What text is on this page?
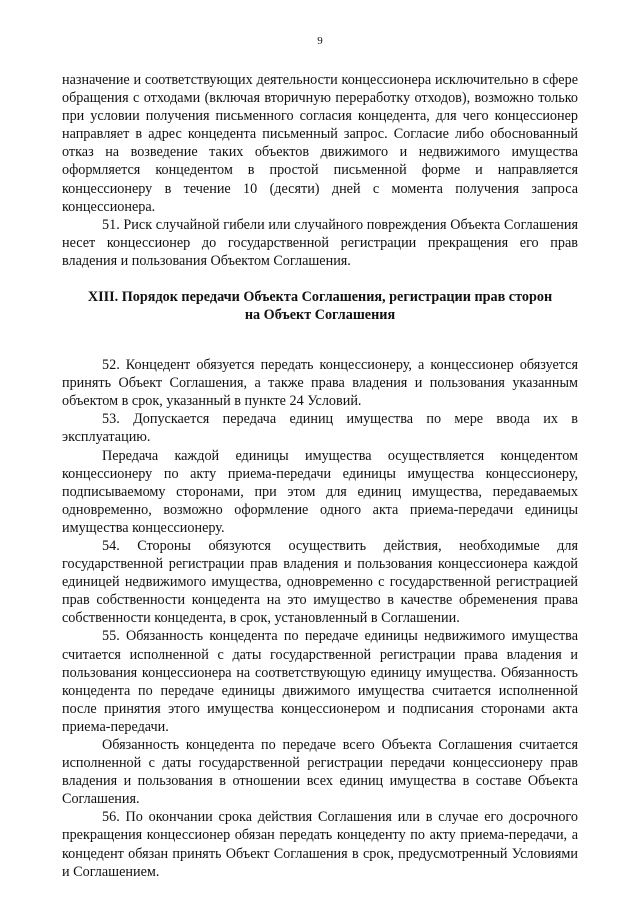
9

назначение и соответствующих деятельности концессионера исключительно в сфере обращения с отходами (включая вторичную переработку отходов), возможно только при условии получения письменного согласия концедента, для чего концессионер направляет в адрес концедента письменный запрос. Согласие либо обоснованный отказ на возведение таких объектов движимого и недвижимого имущества оформляется концедентом в простой письменной форме и направляется концессионеру в течение 10 (десяти) дней с момента получения запроса концессионера.

51. Риск случайной гибели или случайного повреждения Объекта Соглашения несет концессионер до государственной регистрации прекращения его прав владения и пользования Объектом Соглашения.

XIII. Порядок передачи Объекта Соглашения, регистрации прав сторон
на Объект Соглашения

52. Концедент обязуется передать концессионеру, а концессионер обязуется принять Объект Соглашения, а также права владения и пользования указанным объектом в срок, указанный в пункте 24 Условий.

53. Допускается передача единиц имущества по мере ввода их в эксплуатацию.

Передача каждой единицы имущества осуществляется концедентом концессионеру по акту приема-передачи единицы имущества концессионеру, подписываемому сторонами, при этом для единиц имущества, передаваемых одновременно, возможно оформление одного акта приема-передачи единицы имущества концессионеру.

54. Стороны обязуются осуществить действия, необходимые для государственной регистрации прав владения и пользования концессионера каждой единицей недвижимого имущества, одновременно с государственной регистрацией прав собственности концедента на это имущество в качестве обременения права собственности концедента, в срок, установленный в Соглашении.

55. Обязанность концедента по передаче единицы недвижимого имущества считается исполненной с даты государственной регистрации права владения и пользования концессионера на соответствующую единицу имущества. Обязанность концедента по передаче единицы движимого имущества считается исполненной после принятия этого имущества концессионером и подписания сторонами акта приема-передачи.

Обязанность концедента по передаче всего Объекта Соглашения считается исполненной с даты государственной регистрации передачи концессионеру прав владения и пользования в отношении всех единиц имущества в составе Объекта Соглашения.

56. По окончании срока действия Соглашения или в случае его досрочного прекращения концессионер обязан передать концеденту по акту приема-передачи, а концедент обязан принять Объект Соглашения в срок, предусмотренный Условиями и Соглашением.
